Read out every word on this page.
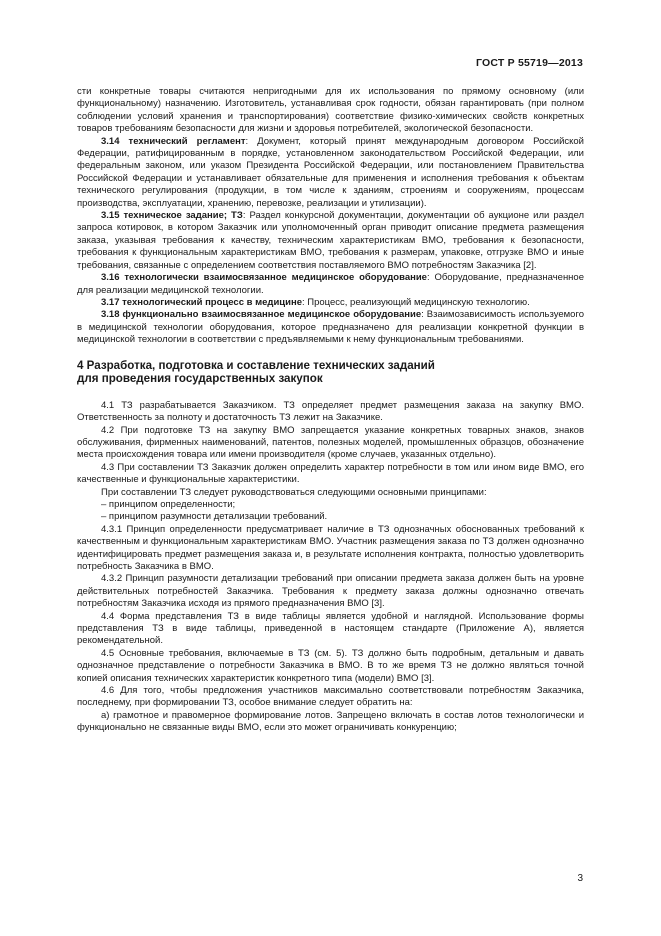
ГОСТ Р 55719—2013

сти конкретные товары считаются непригодными для их использования по прямому основному (или функциональному) назначению. Изготовитель, устанавливая срок годности, обязан гарантировать (при полном соблюдении условий хранения и транспортирования) соответствие физико-химических свойств конкретных товаров требованиям безопасности для жизни и здоровья потребителей, экологической безопасности.

3.14 технический регламент: Документ, который принят международным договором Российской Федерации, ратифицированным в порядке, установленном законодательством Российской Федерации, или федеральным законом, или указом Президента Российской Федерации, или постановлением Правительства Российской Федерации и устанавливает обязательные для применения и исполнения требования к объектам технического регулирования (продукции, в том числе к зданиям, строениям и сооружениям, процессам производства, эксплуатации, хранению, перевозке, реализации и утилизации).

3.15 техническое задание; ТЗ: Раздел конкурсной документации, документации об аукционе или раздел запроса котировок, в котором Заказчик или уполномоченный орган приводит описание предмета размещения заказа, указывая требования к качеству, техническим характеристикам ВМО, требования к безопасности, требования к функциональным характеристикам ВМО, требования к размерам, упаковке, отгрузке ВМО и иные требования, связанные с определением соответствия поставляемого ВМО потребностям Заказчика [2].

3.16 технологически взаимосвязанное медицинское оборудование: Оборудование, предназначенное для реализации медицинской технологии.

3.17 технологический процесс в медицине: Процесс, реализующий медицинскую технологию.

3.18 функционально взаимосвязанное медицинское оборудование: Взаимозависимость используемого в медицинской технологии оборудования, которое предназначено для реализации конкретной функции в медицинской технологии в соответствии с предъявляемыми к нему функциональным требованиями.

4 Разработка, подготовка и составление технических заданий
для проведения государственных закупок

4.1 ТЗ разрабатывается Заказчиком. ТЗ определяет предмет размещения заказа на закупку ВМО. Ответственность за полноту и достаточность ТЗ лежит на Заказчике.

4.2 При подготовке ТЗ на закупку ВМО запрещается указание конкретных товарных знаков, знаков обслуживания, фирменных наименований, патентов, полезных моделей, промышленных образцов, обозначение места происхождения товара или имени производителя (кроме случаев, указанных отдельно).

4.3 При составлении ТЗ Заказчик должен определить характер потребности в том или ином виде ВМО, его качественные и функциональные характеристики.

При составлении ТЗ следует руководствоваться следующими основными принципами:

– принципом определенности;

– принципом разумности детализации требований.

4.3.1 Принцип определенности предусматривает наличие в ТЗ однозначных обоснованных требований к качественным и функциональным характеристикам ВМО. Участник размещения заказа по ТЗ должен однозначно идентифицировать предмет размещения заказа и, в результате исполнения контракта, полностью удовлетворить потребность Заказчика в ВМО.

4.3.2 Принцип разумности детализации требований при описании предмета заказа должен быть на уровне действительных потребностей Заказчика. Требования к предмету заказа должны однозначно отвечать потребностям Заказчика исходя из прямого предназначения ВМО [3].

4.4 Форма представления ТЗ в виде таблицы является удобной и наглядной. Использование формы представления ТЗ в виде таблицы, приведенной в настоящем стандарте (Приложение А), является рекомендательной.

4.5 Основные требования, включаемые в ТЗ (см. 5). ТЗ должно быть подробным, детальным и давать однозначное представление о потребности Заказчика в ВМО. В то же время ТЗ не должно являться точной копией описания технических характеристик конкретного типа (модели) ВМО [3].

4.6 Для того, чтобы предложения участников максимально соответствовали потребностям Заказчика, последнему, при формировании ТЗ, особое внимание следует обратить на:

а) грамотное и правомерное формирование лотов. Запрещено включать в состав лотов технологически и функционально не связанные виды ВМО, если это может ограничивать конкуренцию;

3
